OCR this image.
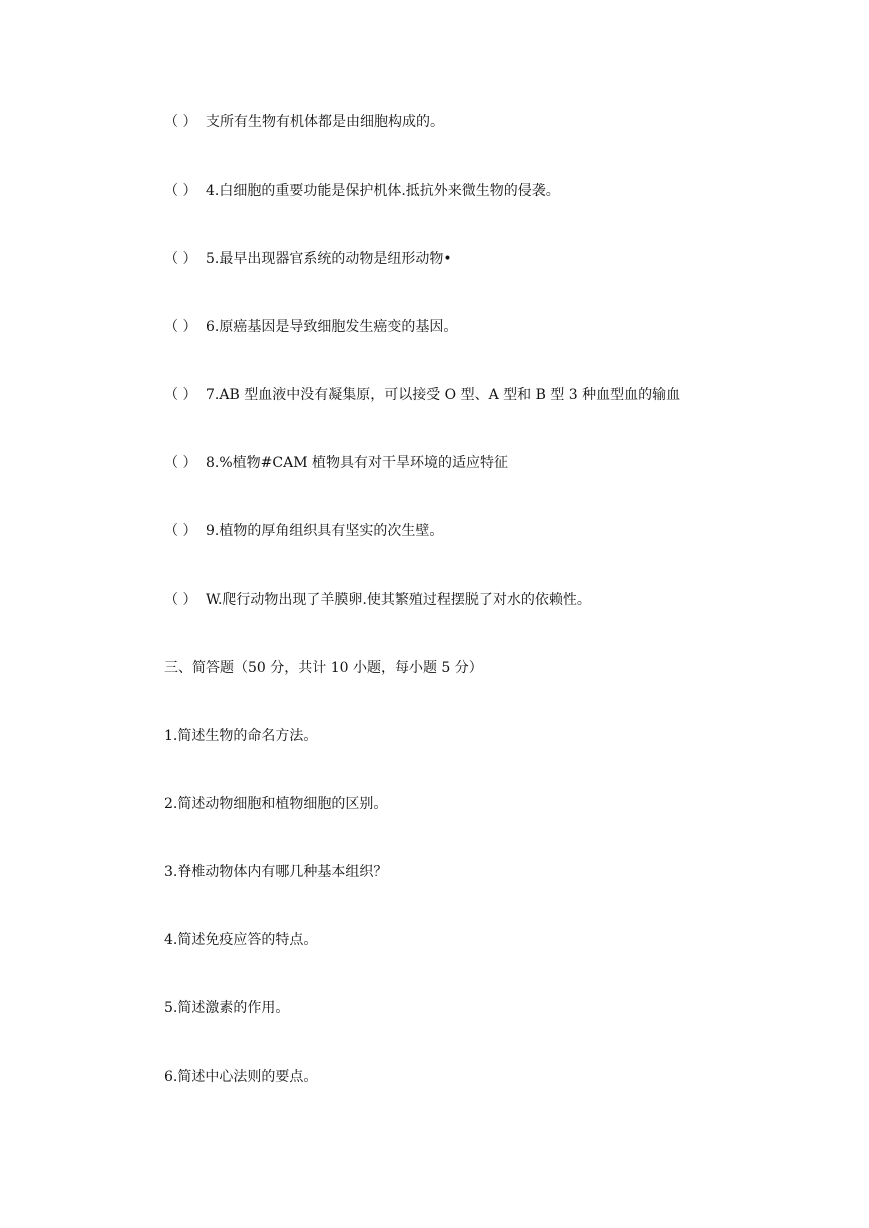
（ ） 支所有生物有机体都是由细胞构成的。
（ ） 4.白细胞的重要功能是保护机体.抵抗外来微生物的侵袭。
（ ） 5.最早出现器官系统的动物是纽形动物•
（ ） 6.原癌基因是导致细胞发生癌变的基因。
（ ） 7.AB 型血液中没有凝集原，可以接受 O 型、A 型和 B 型 3 种血型血的输血
（ ） 8.%植物#CAM 植物具有对干旱环境的适应特征
（ ） 9.植物的厚角组织具有坚实的次生壁。
（ ） W.爬行动物出现了羊膜卵.使其繁殖过程摆脱了对水的依赖性。
三、简答题（50 分，共计 10 小题，每小题 5 分）
1.简述生物的命名方法。
2.简述动物细胞和植物细胞的区别。
3.脊椎动物体内有哪几种基本组织？
4.简述免疫应答的特点。
5.简述激素的作用。
6.简述中心法则的要点。
